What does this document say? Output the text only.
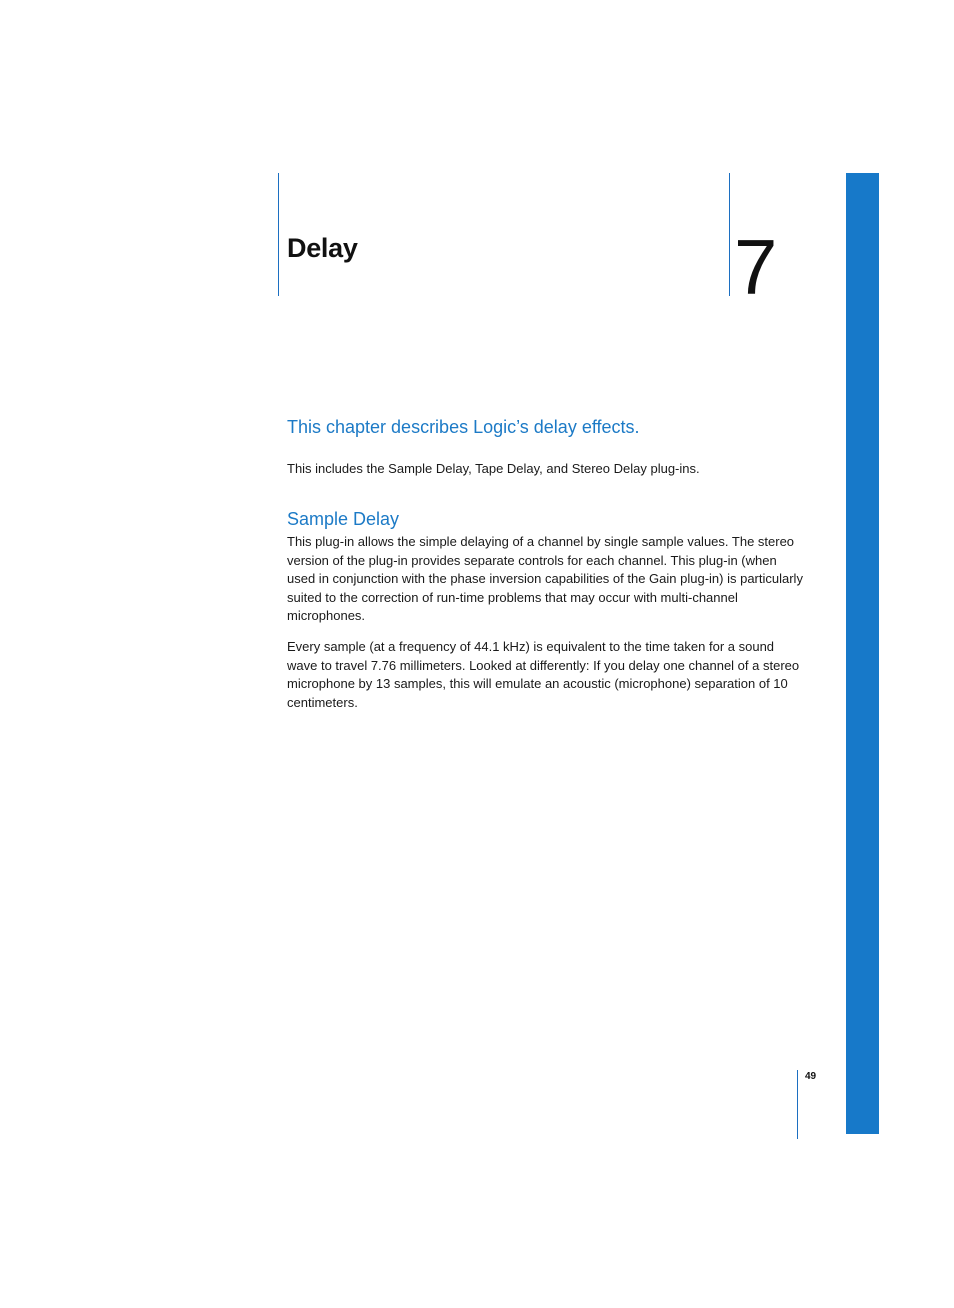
Delay	7
This chapter describes Logic’s delay effects.
This includes the Sample Delay, Tape Delay, and Stereo Delay plug-ins.
Sample Delay

This plug-in allows the simple delaying of a channel by single sample values. The stereo version of the plug-in provides separate controls for each channel. This plug-in (when used in conjunction with the phase inversion capabilities of the Gain plug-in) is particularly suited to the correction of run-time problems that may occur with multi-channel microphones.

Every sample (at a frequency of 44.1 kHz) is equivalent to the time taken for a sound wave to travel 7.76 millimeters. Looked at differently: If you delay one channel of a stereo microphone by 13 samples, this will emulate an acoustic (microphone) separation of 10 centimeters.

49
